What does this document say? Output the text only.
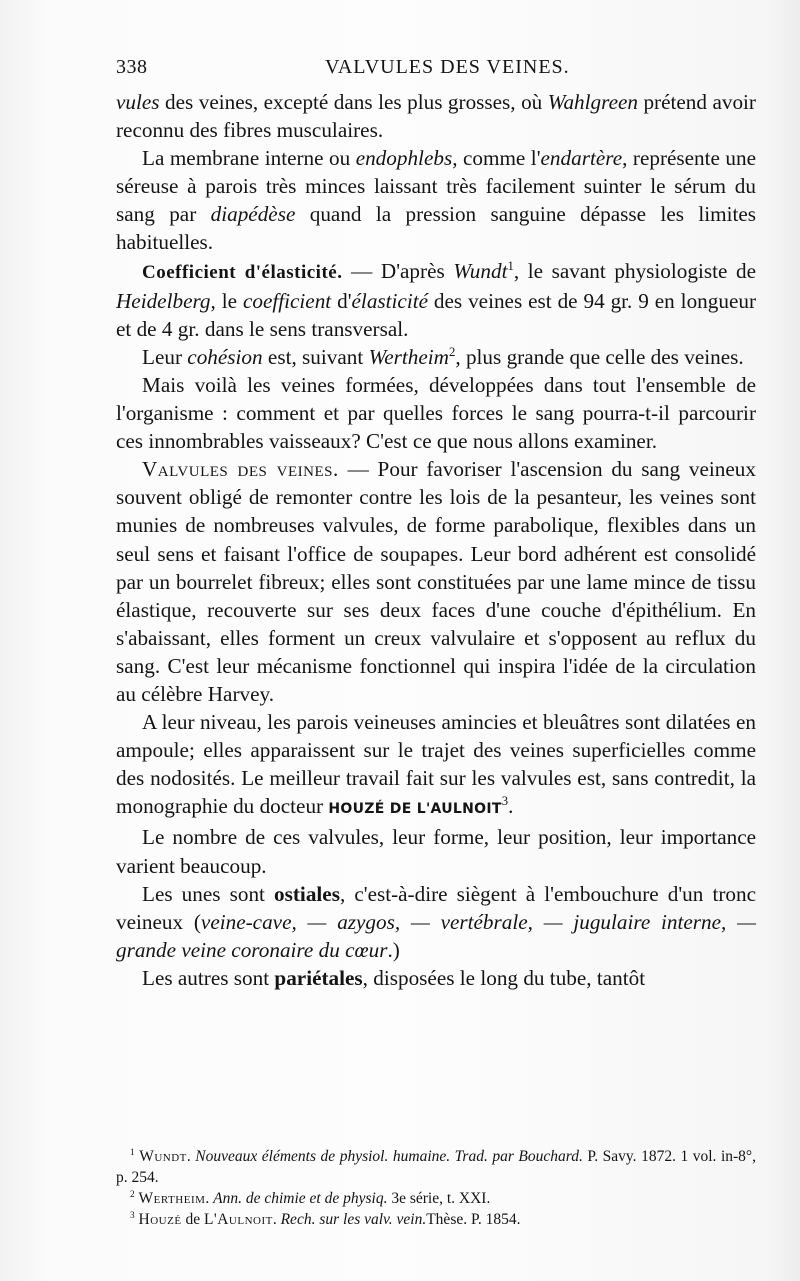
338	VALVULES DES VEINES.

vules des veines, excepté dans les plus grosses, où Wahlgreen prétend avoir reconnu des fibres musculaires.

La membrane interne ou endophlebs, comme l'endartère, représente une séreuse à parois très minces laissant très facilement suinter le sérum du sang par diapédèse quand la pression sanguine dépasse les limites habituelles.

Coefficient d'élasticité. — D'après Wundt$^1$, le savant physiologiste de Heidelberg, le coefficient d'élasticité des veines est de 94 gr. 9 en longueur et de 4 gr. dans le sens transversal.

Leur cohésion est, suivant Wertheim$^2$, plus grande que celle des veines.

Mais voilà les veines formées, développées dans tout l'ensemble de l'organisme : comment et par quelles forces le sang pourra-t-il parcourir ces innombrables vaisseaux? C'est ce que nous allons examiner.

Valvules des veines. — Pour favoriser l'ascension du sang veineux souvent obligé de remonter contre les lois de la pesanteur, les veines sont munies de nombreuses valvules, de forme parabolique, flexibles dans un seul sens et faisant l'office de soupapes. Leur bord adhérent est consolidé par un bourrelet fibreux; elles sont constituées par une lame mince de tissu élastique, recouverte sur ses deux faces d'une couche d'épithélium. En s'abaissant, elles forment un creux valvulaire et s'opposent au reflux du sang. C'est leur mécanisme fonctionnel qui inspira l'idée de la circulation au célèbre Harvey.

A leur niveau, les parois veineuses amincies et bleuâtres sont dilatées en ampoule; elles apparaissent sur le trajet des veines superficielles comme des nodosités. Le meilleur travail fait sur les valvules est, sans contredit, la monographie du docteur HOUZÉ DE L'AULNOIT$^3$.

Le nombre de ces valvules, leur forme, leur position, leur importance varient beaucoup.

Les unes sont ostiales, c'est-à-dire siègent à l'embouchure d'un tronc veineux (veine-cave, — azygos, — vertébrale, — jugulaire interne, — grande veine coronaire du cœur.)

Les autres sont pariétales, disposées le long du tube, tantôt

$^1$ Wundt. Nouveaux éléments de physiol. humaine. Trad. par Bouchard. P. Savy. 1872. 1 vol. in-8°, p. 254.

$^2$ Wertheim. Ann. de chimie et de physiq. 3e série, t. XXI.

$^3$ Houzé de L'Aulnoit. Rech. sur les valv. vein.Thèse. P. 1854.
